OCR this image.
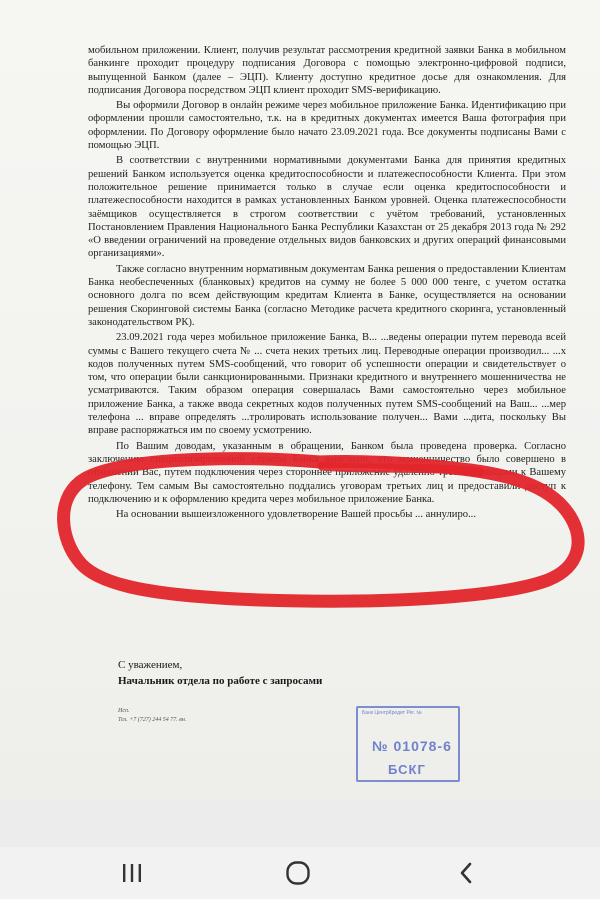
мобильном приложении. Клиент, получив результат рассмотрения кредитной заявки Банка в мобильном банкинге проходит процедуру подписания Договора с помощью электронно-цифровой подписи, выпущенной Банком (далее – ЭЦП). Клиенту доступно кредитное досье для ознакомления. Для подписания Договора посредством ЭЦП клиент проходит SMS-верификацию.

Вы оформили Договор в онлайн режиме через мобильное приложение Банка. Идентификацию при оформлении прошли самостоятельно, т.к. на в кредитных документах имеется Ваша фотография при оформлении. По Договору оформление было начато 23.09.2021 года. Все документы подписаны Вами с помощью ЭЦП.

В соответствии с внутренними нормативными документами Банка для принятия кредитных решений Банком используется оценка кредитоспособности и платежеспособности Клиента. При этом положительное решение принимается только в случае если оценка кредитоспособности и платежеспособности находится в рамках установленных Банком уровней. Оценка платежеспособности заёмщиков осуществляется в строгом соответствии с учётом требований, установленных Постановлением Правления Национального Банка Республики Казахстан от 25 декабря 2013 года № 292 «О введении ограничений на проведение отдельных видов банковских и других операций финансовыми организациями».

Также согласно внутренним нормативным документам Банка решения о предоставлении Клиентам Банка необеспеченных (бланковых) кредитов на сумму не более 5 000 000 тенге, с учетом остатка основного долга по всем действующим кредитам Клиента в Банке, осуществляется на основании решения Скоринговой системы Банка (согласно Методике расчета кредитного скоринга, установленный законодательством РК).

23.09.2021 года через мобильное приложение Банка, В... ...ведены операции путем перевода всей суммы с Вашего текущего счета № ... счета неких третьих лиц. Переводные операции производил... ...х кодов полученных путем SMS-сообщений, что говорит об успешности операции и свидетельствует о том, что операции были санкционированными. Признаки кредитного и внутреннего мошенничества не усматриваются. Таким образом операция совершалась Вами самостоятельно через мобильное приложение Банка, а также ввода секретных кодов полученных путем SMS-сообщений на Ваш... ...мер телефона ... вправе определять ...тролировать использование получен... Вами ...дита, поскольку Вы вправе распоряжаться им по своему усмотрению.

По Вашим доводам, указанным в обращении, Банком была проведена проверка. Согласно заключению специализированной службы Банка выяснено, что мошенничество было совершено в отношении Вас, путем подключения через стороннее приложение удаленно третьими лицами к Вашему телефону. Тем самым Вы самостоятельно поддались уговорам третьих лиц и предоставили доступ к подключению и к оформлению кредита через мобильное приложение Банка.

На основании вышеизложенного удовлетворение Вашей просьбы ... аннулиро...

С уважением,
Начальник отдела по работе с запросами
Исп.
Тел. +7 (727) 244 54 77. вн.
Банк ЦентрКредит Рег. №
№ 01078-6
БСКГ
